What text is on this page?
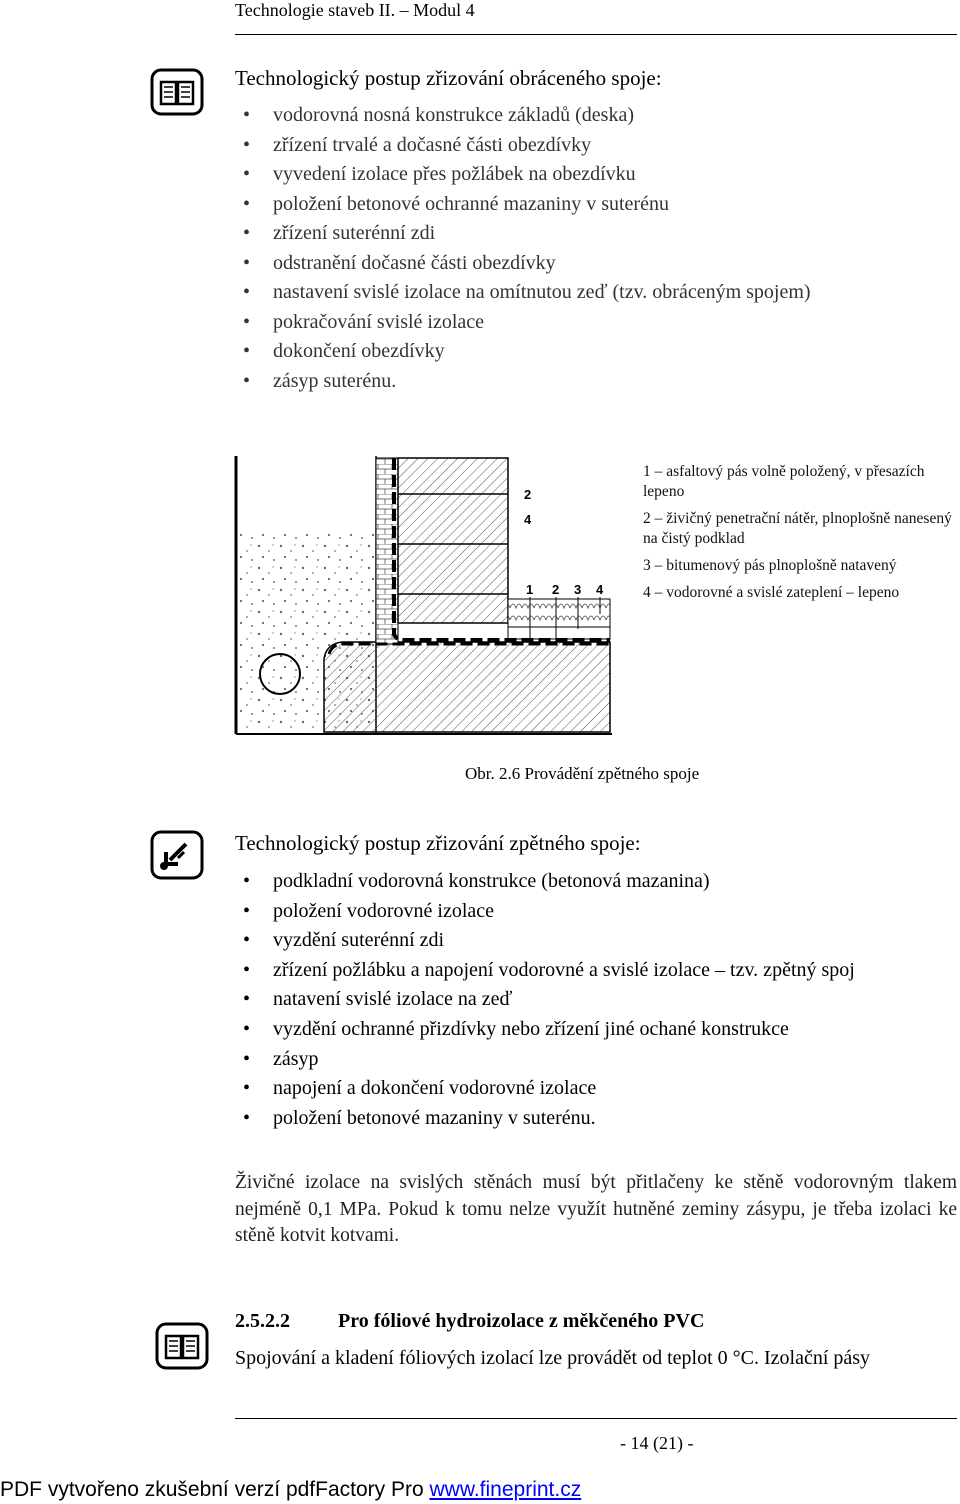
Technologie staveb II. – Modul 4
Technologický postup zřizování obráceného spoje:
• vodorovná nosná konstrukce základů (deska)
• zřízení trvalé a dočasné části obezdívky
• vyvedení izolace přes požlábek na obezdívku
• položení betonové ochranné mazaniny v suterénu
• zřízení suterénní zdi
• odstranění dočasné části obezdívky
• nastavení svislé izolace na omítnutou zeď (tzv. obráceným spojem)
• pokračování svislé izolace
• dokončení obezdívky
• zásyp suterénu.
2
4
1 2 3 4

1 – asfaltový pás volně položený, v přesazích lepeno

2 – živičný penetrační nátěr, plnoplošně nanesený na čistý podklad

3 – bitumenový pás plnoplošně natavený

4 – vodorovné a svislé zateplení – lepeno

Obr. 2.6 Provádění zpětného spoje
Technologický postup zřizování zpětného spoje:
• podkladní vodorovná konstrukce (betonová mazanina)
• položení vodorovné izolace
• vyzdění suterénní zdi
• zřízení požlábku a napojení vodorovné a svislé izolace – tzv. zpětný spoj
• natavení svislé izolace na zeď
• vyzdění ochranné přizdívky nebo zřízení jiné ochané konstrukce
• zásyp
• napojení a dokončení vodorovné izolace
• položení betonové mazaniny v suterénu.
Živičné izolace na svislých stěnách musí být přitlačeny ke stěně vodorovným tlakem nejméně 0,1 MPa. Pokud k tomu nelze využít hutněné zeminy zásypu, je třeba izolaci ke stěně kotvit kotvami.
2.5.2.2 Pro fóliové hydroizolace z měkčeného PVC
Spojování a kladení fóliových izolací lze provádět od teplot 0 °C. Izolační pásy
- 14 (21) -
PDF vytvořeno zkušební verzí pdfFactory Pro www.fineprint.cz
